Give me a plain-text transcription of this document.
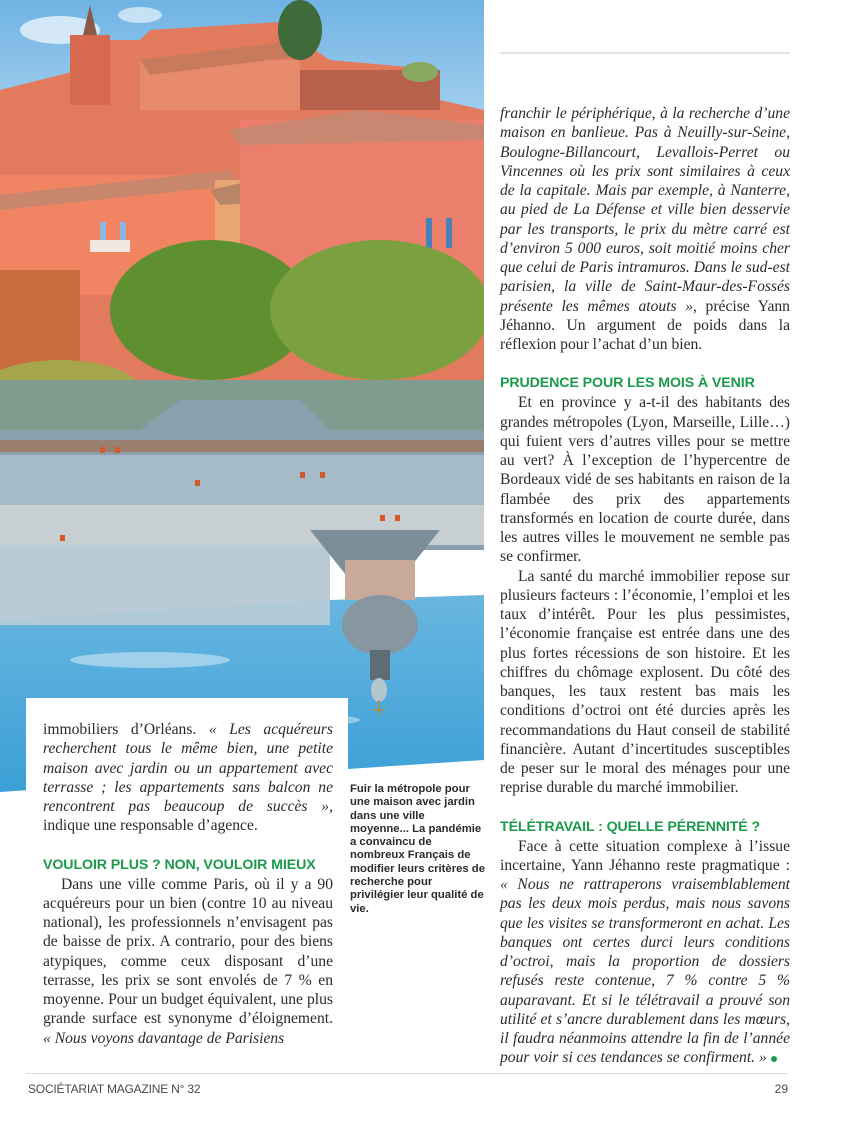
immobiliers d’Orléans. « Les acquéreurs recherchent tous le même bien, une petite maison avec jardin ou un appartement avec terrasse ; les appartements sans balcon ne rencontrent pas beaucoup de succès », indique une responsable d’agence.

VOULOIR PLUS ? NON, VOULOIR MIEUX

Dans une ville comme Paris, où il y a 90 acquéreurs pour un bien (contre 10 au niveau national), les professionnels n’envisagent pas de baisse de prix. A contrario, pour des biens atypiques, comme ceux disposant d’une terrasse, les prix se sont envolés de 7 % en moyenne. Pour un budget équivalent, une plus grande surface est synonyme d’éloignement. « Nous voyons davantage de Parisiens

Fuir la métropole pour une maison avec jardin dans une ville moyenne... La pandémie a convaincu de nombreux Français de modifier leurs critères de recherche pour privilégier leur qualité de vie.

franchir le périphérique, à la recherche d’une maison en banlieue. Pas à Neuilly-sur-Seine, Boulogne-Billancourt, Levallois-Perret ou Vincennes où les prix sont similaires à ceux de la capitale. Mais par exemple, à Nanterre, au pied de La Défense et ville bien desservie par les transports, le prix du mètre carré est d’environ 5 000 euros, soit moitié moins cher que celui de Paris intramuros. Dans le sud-est parisien, la ville de Saint-Maur-des-Fossés présente les mêmes atouts », précise Yann Jéhanno. Un argument de poids dans la réflexion pour l’achat d’un bien.

PRUDENCE POUR LES MOIS À VENIR

Et en province y a-t-il des habitants des grandes métropoles (Lyon, Marseille, Lille…) qui fuient vers d’autres villes pour se mettre au vert? À l’exception de l’hypercentre de Bordeaux vidé de ses habitants en raison de la flambée des prix des appartements transformés en location de courte durée, dans les autres villes le mouvement ne semble pas se confirmer.

La santé du marché immobilier repose sur plusieurs facteurs : l’économie, l’emploi et les taux d’intérêt. Pour les plus pessimistes, l’économie française est entrée dans une des plus fortes récessions de son histoire. Et les chiffres du chômage explosent. Du côté des banques, les taux restent bas mais les conditions d’octroi ont été durcies après les recommandations du Haut conseil de stabilité financière. Autant d’incertitudes susceptibles de peser sur le moral des ménages pour une reprise durable du marché immobilier.

TÉLÉTRAVAIL : QUELLE PÉRENNITÉ ?

Face à cette situation complexe à l’issue incertaine, Yann Jéhanno reste pragmatique : « Nous ne rattraperons vraisemblablement pas les deux mois perdus, mais nous savons que les visites se transformeront en achat. Les banques ont certes durci leurs conditions d’octroi, mais la proportion de dossiers refusés reste contenue, 7 % contre 5 % auparavant. Et si le télétravail a prouvé son utilité et s’ancre durablement dans les mœurs, il faudra néanmoins attendre la fin de l’année pour voir si ces tendances se confirment. »

SOCIÉTARIAT MAGAZINE N° 32	29
